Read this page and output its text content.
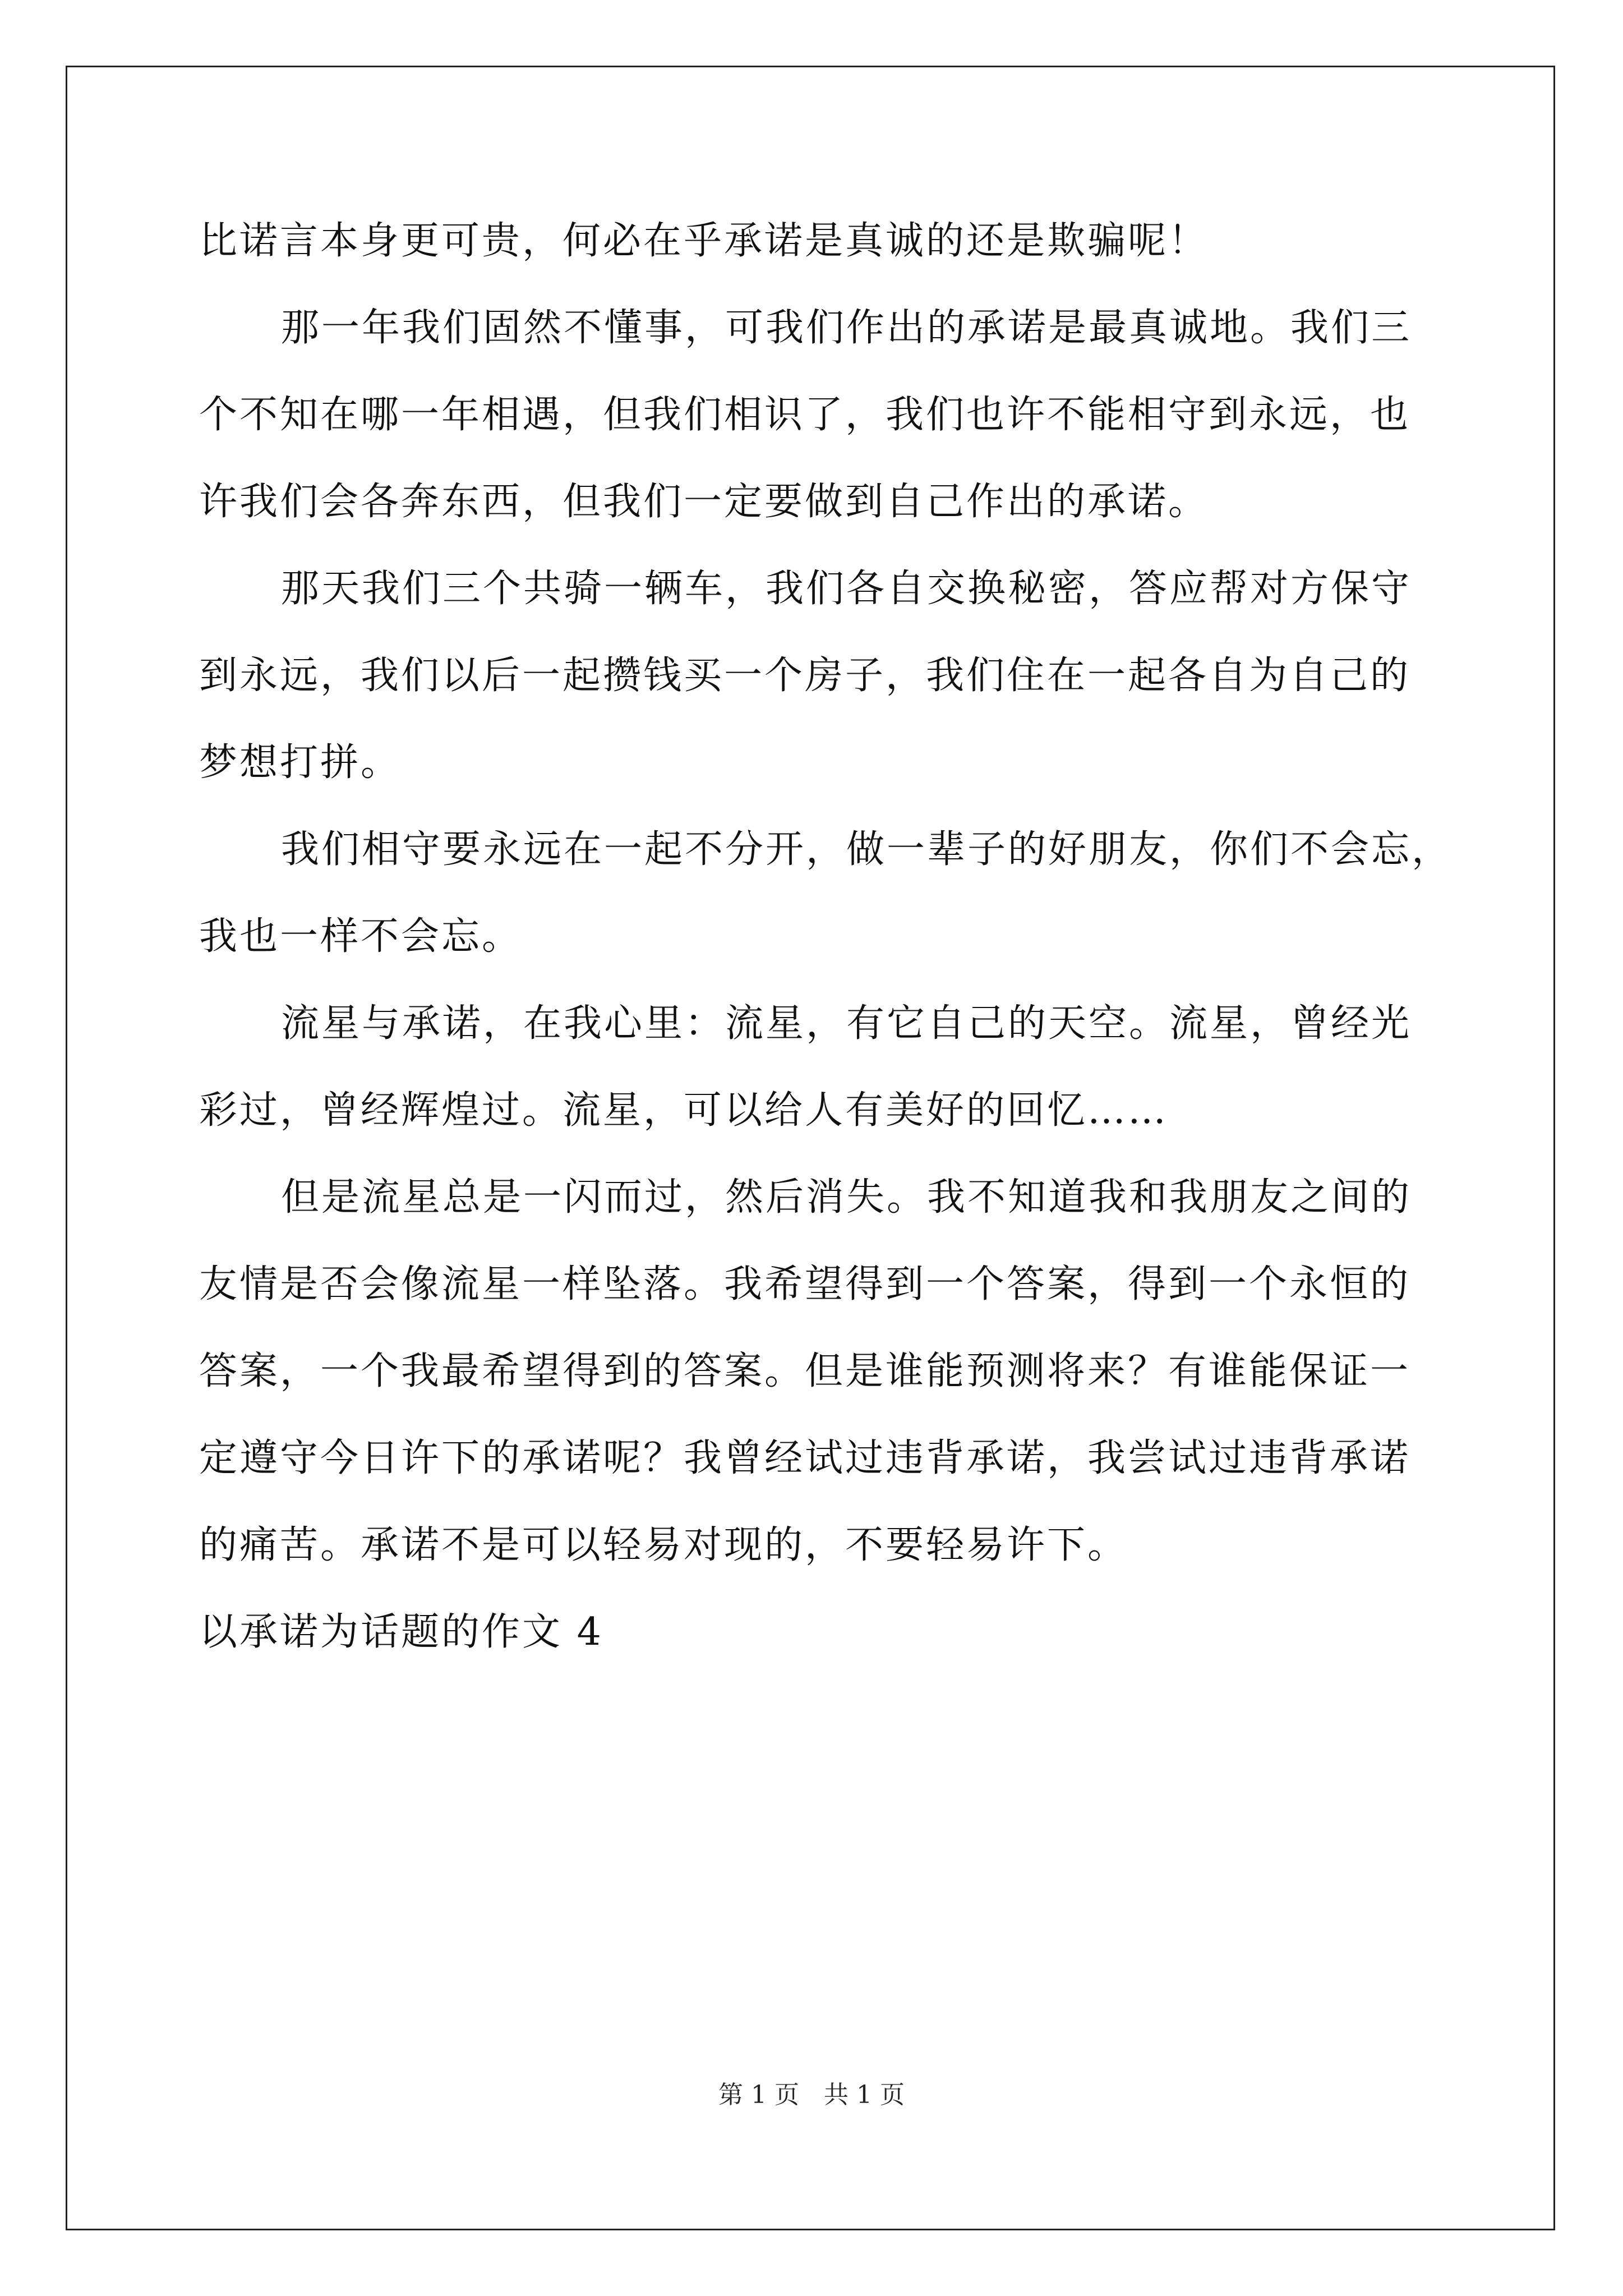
比诺言本身更可贵，何必在乎承诺是真诚的还是欺骗呢！
那一年我们固然不懂事，可我们作出的承诺是最真诚地。我们三
个不知在哪一年相遇，但我们相识了，我们也许不能相守到永远，也
许我们会各奔东西，但我们一定要做到自己作出的承诺。
那天我们三个共骑一辆车，我们各自交换秘密，答应帮对方保守
到永远，我们以后一起攒钱买一个房子，我们住在一起各自为自己的
梦想打拼。
我们相守要永远在一起不分开，做一辈子的好朋友，你们不会忘，
我也一样不会忘。
流星与承诺，在我心里：流星，有它自己的天空。流星，曾经光
彩过，曾经辉煌过。流星，可以给人有美好的回忆……
但是流星总是一闪而过，然后消失。我不知道我和我朋友之间的
友情是否会像流星一样坠落。我希望得到一个答案，得到一个永恒的
答案，一个我最希望得到的答案。但是谁能预测将来？有谁能保证一
定遵守今日许下的承诺呢？我曾经试过违背承诺，我尝试过违背承诺
的痛苦。承诺不是可以轻易对现的，不要轻易许下。
以承诺为话题的作文 4
第 1 页 共 1 页
